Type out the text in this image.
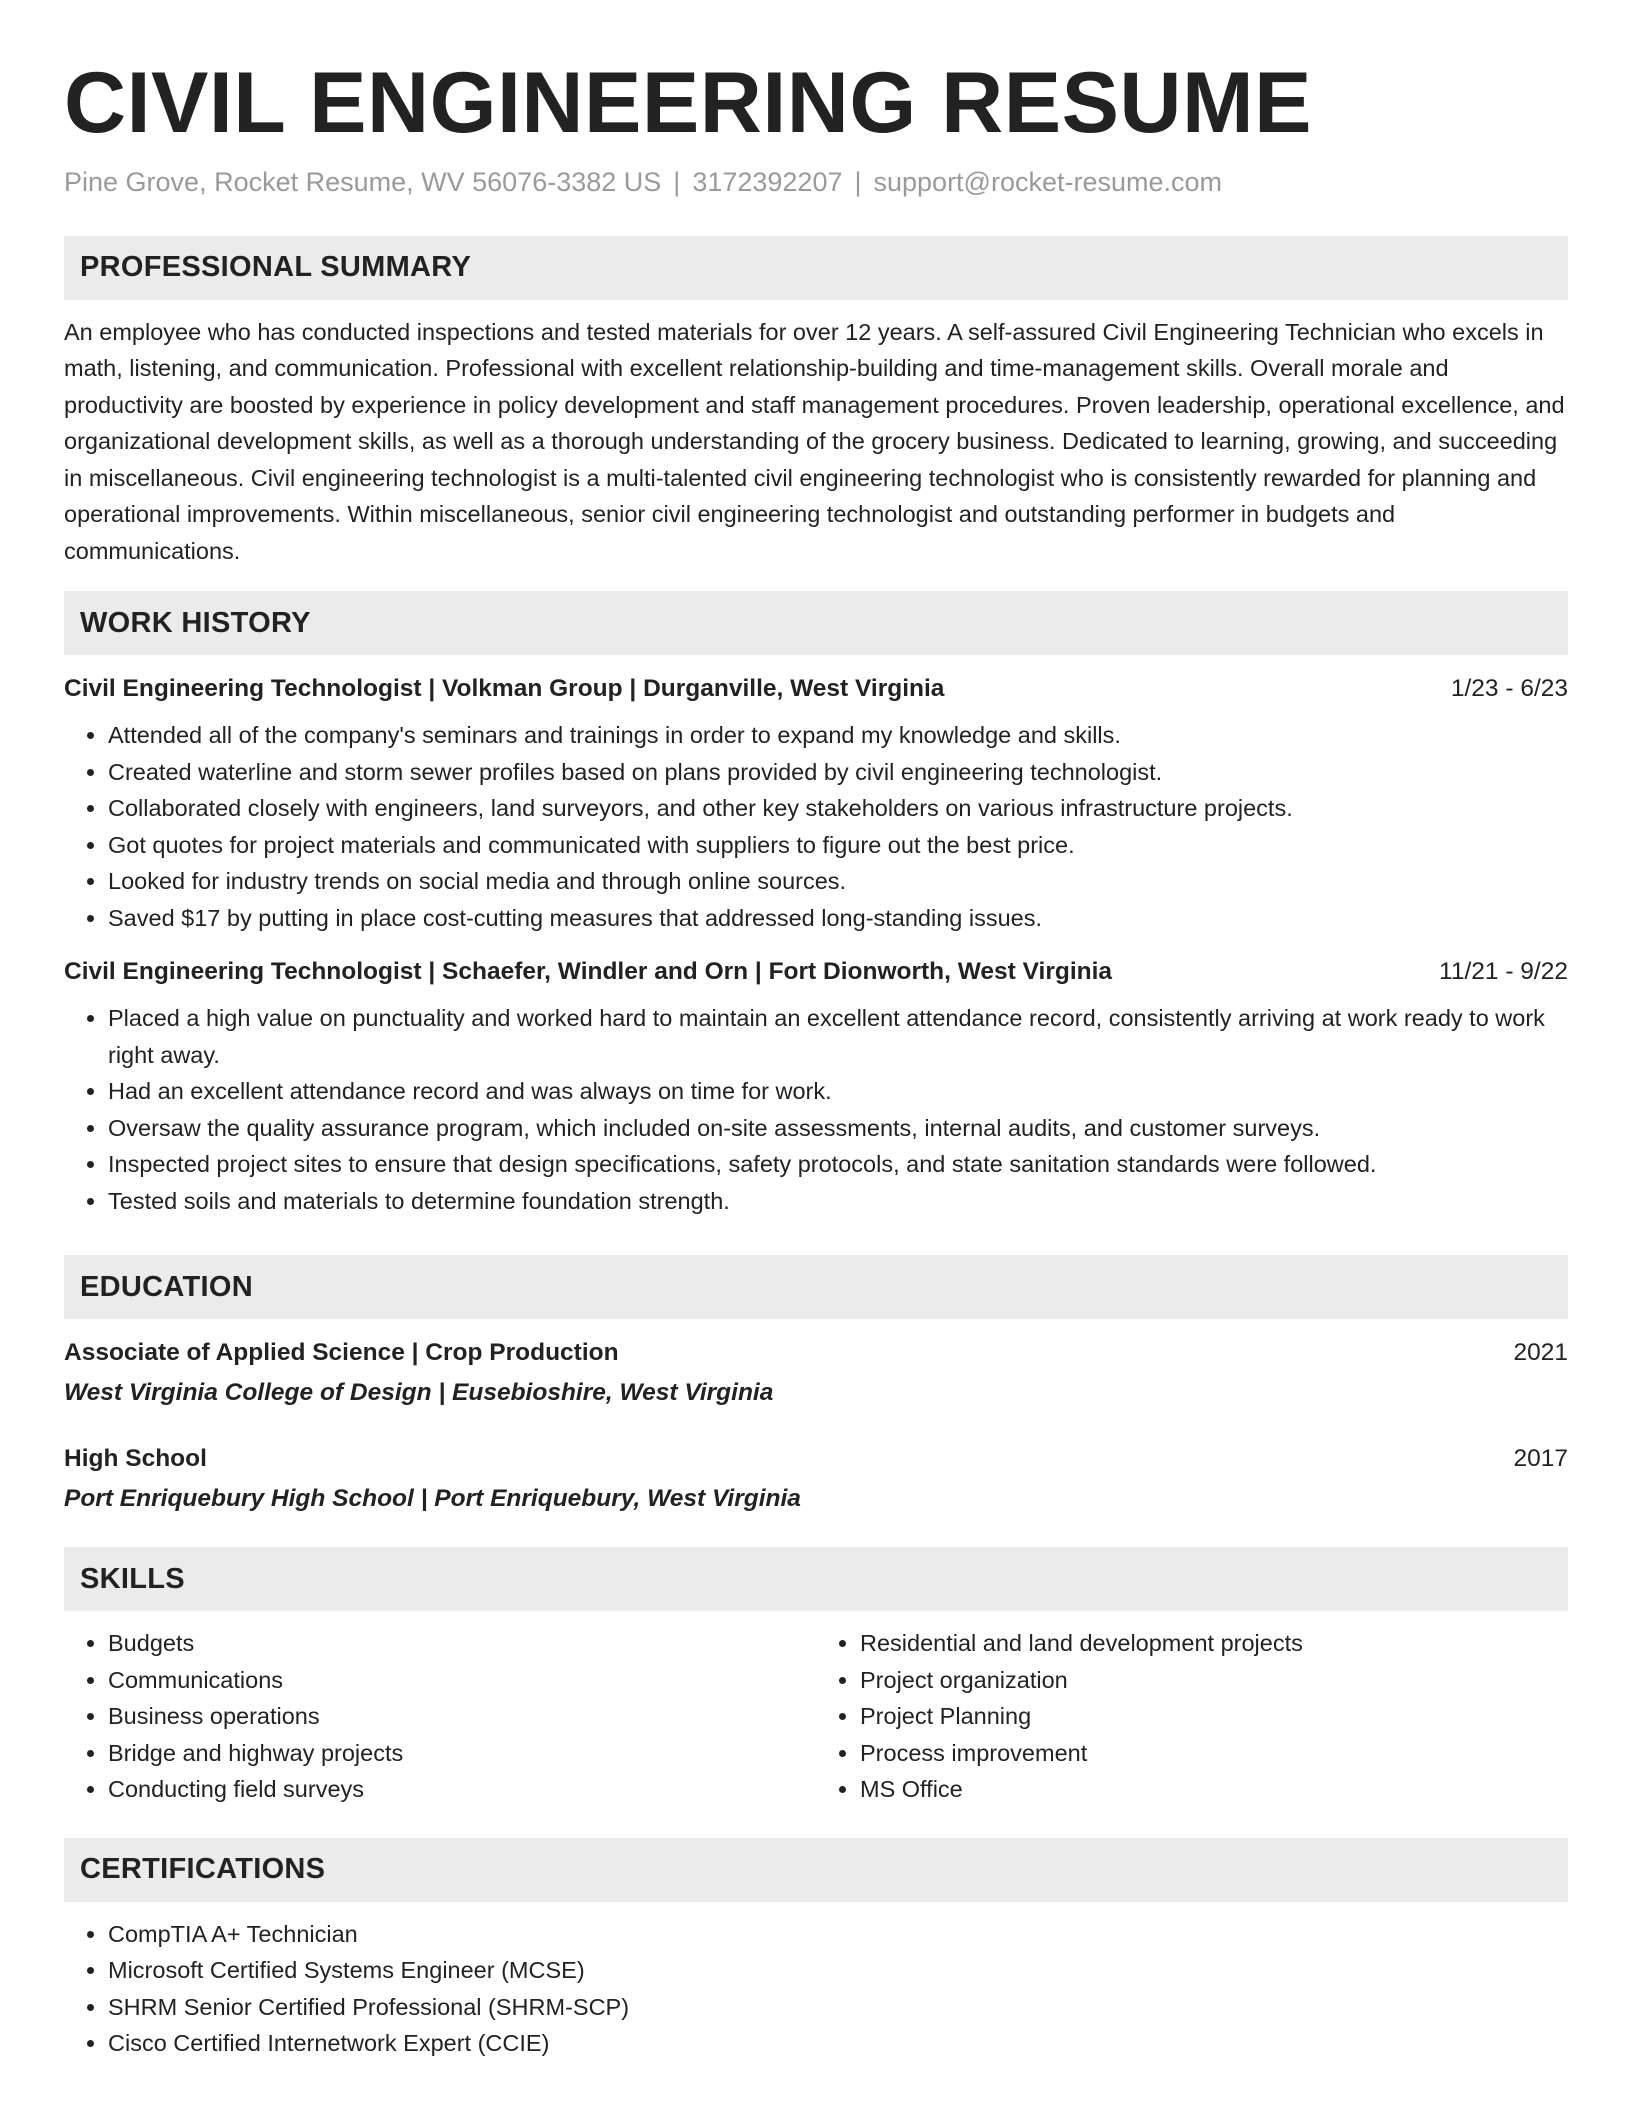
CIVIL ENGINEERING RESUME
Pine Grove, Rocket Resume, WV 56076-3382 US | 3172392207 | support@rocket-resume.com
PROFESSIONAL SUMMARY

An employee who has conducted inspections and tested materials for over 12 years. A self-assured Civil Engineering Technician who excels in math, listening, and communication. Professional with excellent relationship-building and time-management skills. Overall morale and productivity are boosted by experience in policy development and staff management procedures. Proven leadership, operational excellence, and organizational development skills, as well as a thorough understanding of the grocery business. Dedicated to learning, growing, and succeeding in miscellaneous. Civil engineering technologist is a multi-talented civil engineering technologist who is consistently rewarded for planning and operational improvements. Within miscellaneous, senior civil engineering technologist and outstanding performer in budgets and communications.

WORK HISTORY
Civil Engineering Technologist | Volkman Group | Durganville, West Virginia	1/23 - 6/23
• Attended all of the company's seminars and trainings in order to expand my knowledge and skills.
• Created waterline and storm sewer profiles based on plans provided by civil engineering technologist.
• Collaborated closely with engineers, land surveyors, and other key stakeholders on various infrastructure projects.
• Got quotes for project materials and communicated with suppliers to figure out the best price.
• Looked for industry trends on social media and through online sources.
• Saved $17 by putting in place cost-cutting measures that addressed long-standing issues.
Civil Engineering Technologist | Schaefer, Windler and Orn | Fort Dionworth, West Virginia	11/21 - 9/22
• Placed a high value on punctuality and worked hard to maintain an excellent attendance record, consistently arriving at work ready to work right away.
• Had an excellent attendance record and was always on time for work.
• Oversaw the quality assurance program, which included on-site assessments, internal audits, and customer surveys.
• Inspected project sites to ensure that design specifications, safety protocols, and state sanitation standards were followed.
• Tested soils and materials to determine foundation strength.
EDUCATION
Associate of Applied Science | Crop Production	2021
West Virginia College of Design | Eusebioshire, West Virginia
High School	2017
Port Enriquebury High School | Port Enriquebury, West Virginia
SKILLS
• Budgets
• Communications
• Business operations
• Bridge and highway projects
• Conducting field surveys
• Residential and land development projects
• Project organization
• Project Planning
• Process improvement
• MS Office
CERTIFICATIONS
• CompTIA A+ Technician
• Microsoft Certified Systems Engineer (MCSE)
• SHRM Senior Certified Professional (SHRM-SCP)
• Cisco Certified Internetwork Expert (CCIE)
